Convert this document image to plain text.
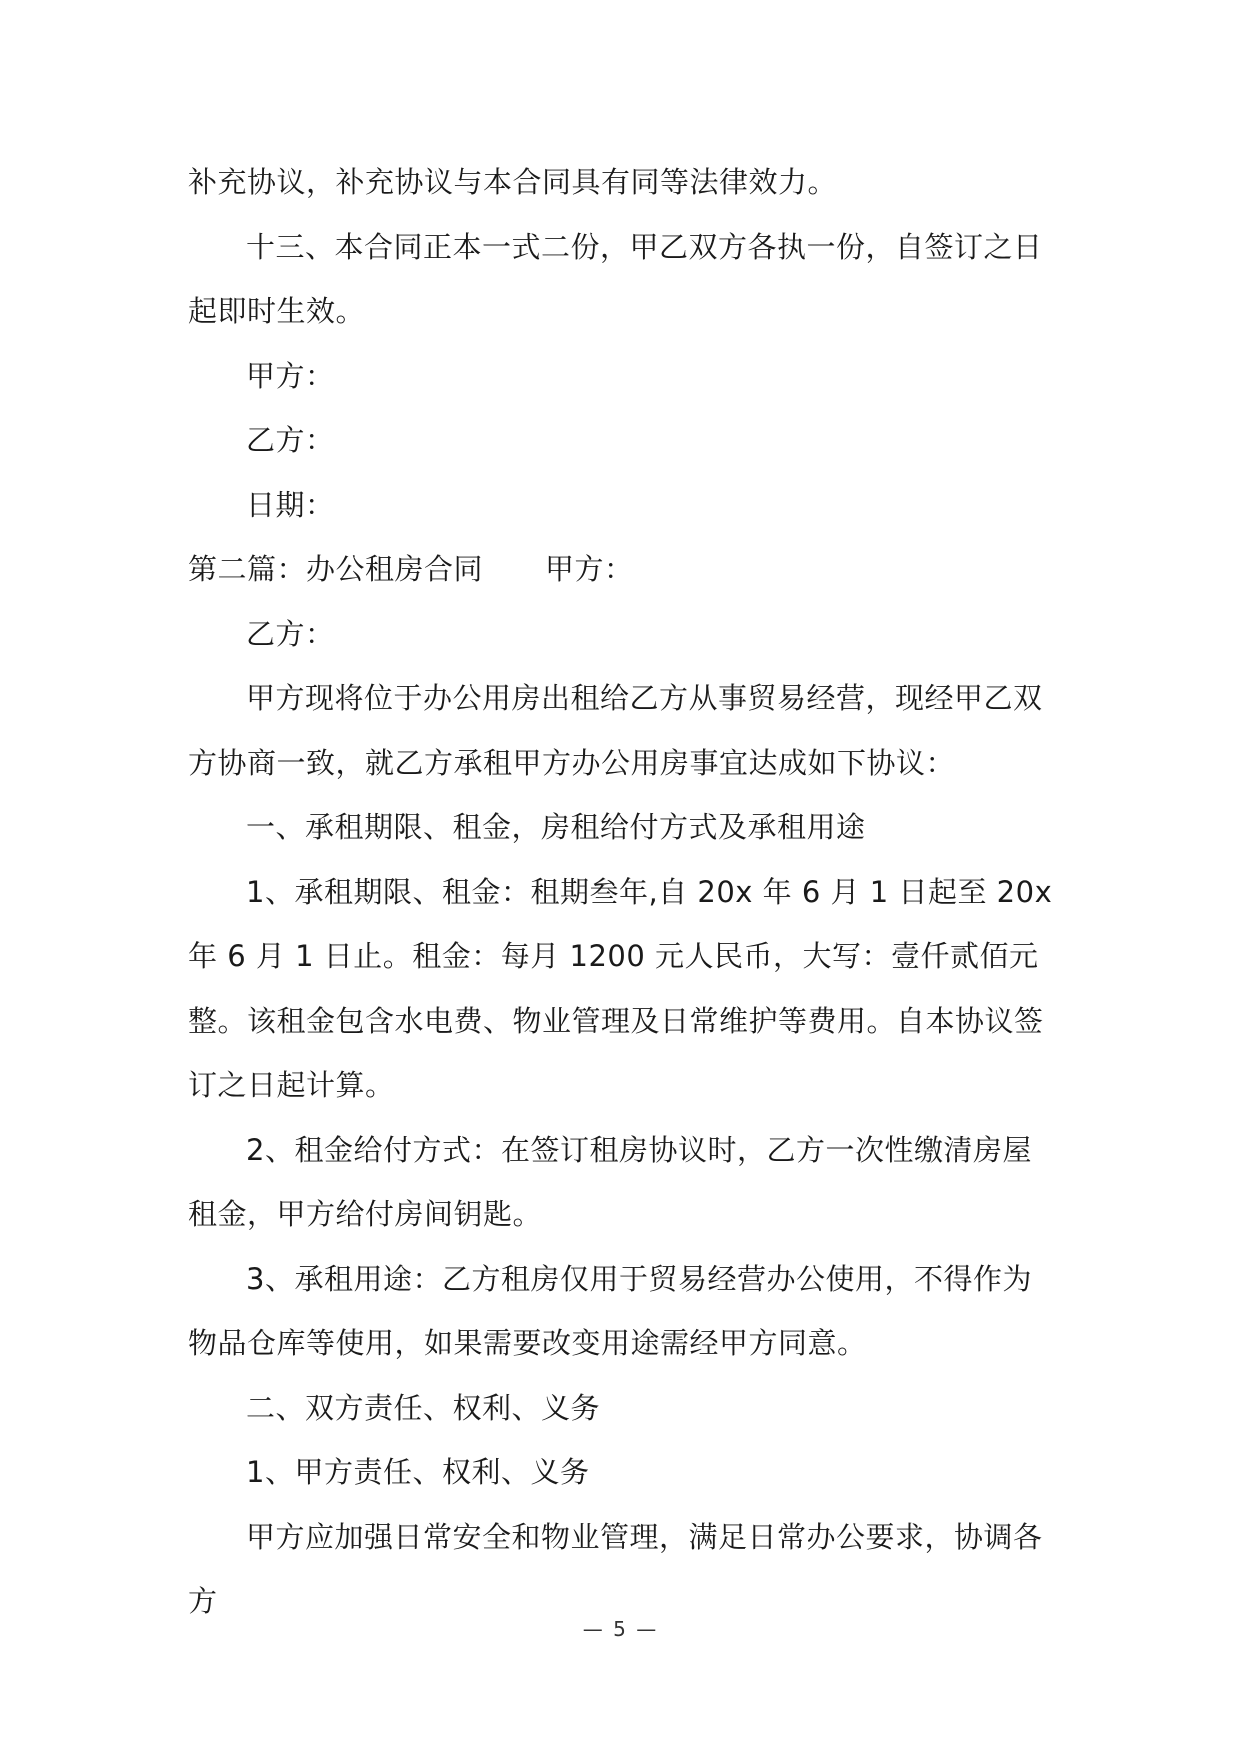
补充协议，补充协议与本合同具有同等法律效力。

十三、本合同正本一式二份，甲乙双方各执一份，自签订之日起即时生效。

甲方：

乙方：

日期：

第二篇：办公租房合同 甲方：

乙方：

甲方现将位于办公用房出租给乙方从事贸易经营，现经甲乙双方协商一致，就乙方承租甲方办公用房事宜达成如下协议：

一、承租期限、租金，房租给付方式及承租用途

1、承租期限、租金：租期叁年,自 20x 年 6 月 1 日起至 20x 年 6 月 1 日止。租金：每月 1200 元人民币，大写：壹仟贰佰元整。该租金包含水电费、物业管理及日常维护等费用。自本协议签订之日起计算。

2、租金给付方式：在签订租房协议时，乙方一次性缴清房屋租金，甲方给付房间钥匙。

3、承租用途：乙方租房仅用于贸易经营办公使用，不得作为物品仓库等使用，如果需要改变用途需经甲方同意。

二、双方责任、权利、义务

1、甲方责任、权利、义务

甲方应加强日常安全和物业管理，满足日常办公要求，协调各方

— 5 —
